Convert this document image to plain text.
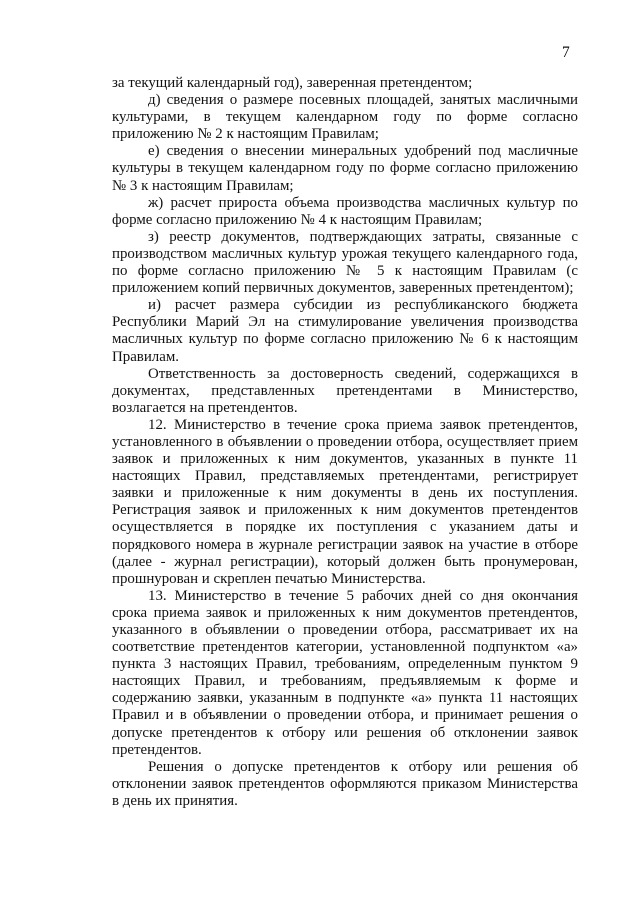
7

за текущий календарный год), заверенная претендентом;

д) сведения о размере посевных площадей, занятых масличными культурами, в текущем календарном году по форме согласно приложению № 2 к настоящим Правилам;

е) сведения о внесении минеральных удобрений под масличные культуры в текущем календарном году по форме согласно приложению № 3 к настоящим Правилам;

ж) расчет прироста объема производства масличных культур по форме согласно приложению № 4 к настоящим Правилам;

з) реестр документов, подтверждающих затраты, связанные с производством масличных культур урожая текущего календарного года, по форме согласно приложению № 5 к настоящим Правилам (с приложением копий первичных документов, заверенных претендентом);

и) расчет размера субсидии из республиканского бюджета Республики Марий Эл на стимулирование увеличения производства масличных культур по форме согласно приложению № 6 к настоящим Правилам.

Ответственность за достоверность сведений, содержащихся в документах, представленных претендентами в Министерство, возлагается на претендентов.

12. Министерство в течение срока приема заявок претендентов, установленного в объявлении о проведении отбора, осуществляет прием заявок и приложенных к ним документов, указанных в пункте 11 настоящих Правил, представляемых претендентами, регистрирует заявки и приложенные к ним документы в день их поступления. Регистрация заявок и приложенных к ним документов претендентов осуществляется в порядке их поступления с указанием даты и порядкового номера в журнале регистрации заявок на участие в отборе (далее - журнал регистрации), который должен быть пронумерован, прошнурован и скреплен печатью Министерства.

13. Министерство в течение 5 рабочих дней со дня окончания срока приема заявок и приложенных к ним документов претендентов, указанного в объявлении о проведении отбора, рассматривает их на соответствие претендентов категории, установленной подпунктом «а» пункта 3 настоящих Правил, требованиям, определенным пунктом 9 настоящих Правил, и требованиям, предъявляемым к форме и содержанию заявки, указанным в подпункте «а» пункта 11 настоящих Правил и в объявлении о проведении отбора, и принимает решения о допуске претендентов к отбору или решения об отклонении заявок претендентов.

Решения о допуске претендентов к отбору или решения об отклонении заявок претендентов оформляются приказом Министерства в день их принятия.
